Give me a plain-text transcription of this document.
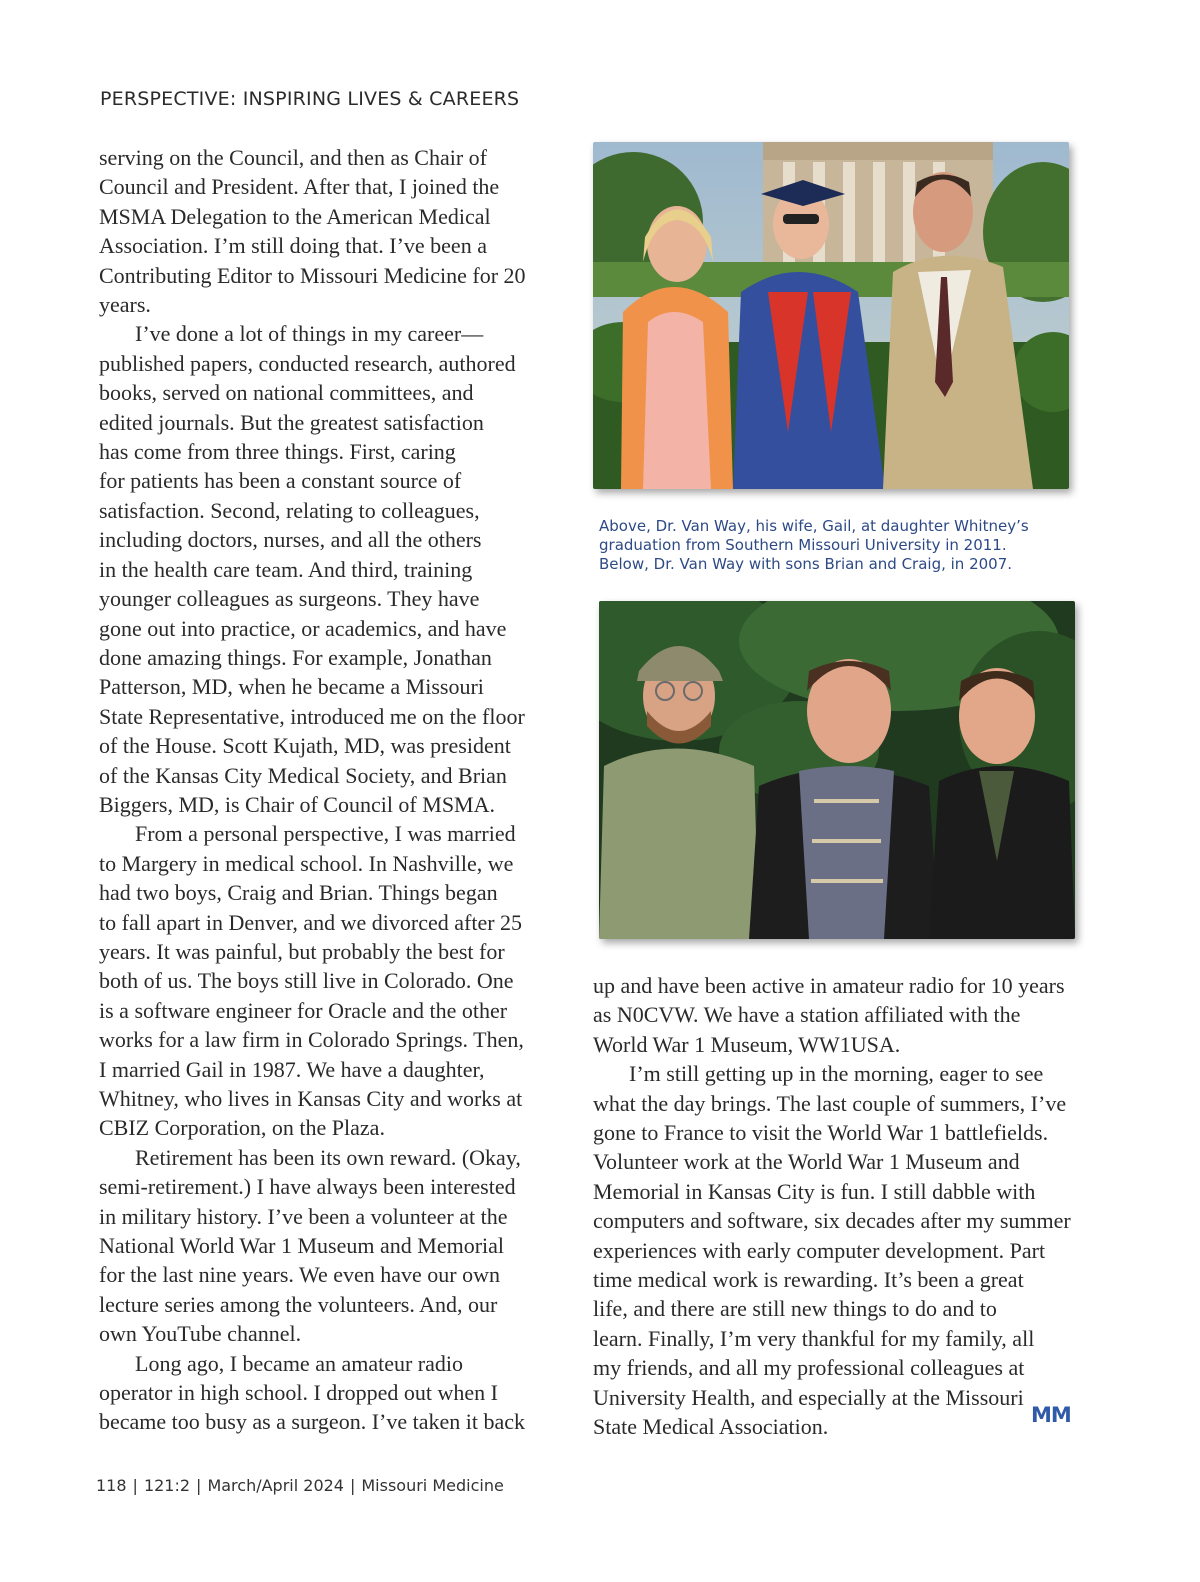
PERSPECTIVE: INSPIRING LIVES & CAREERS

serving on the Council, and then as Chair of
Council and President. After that, I joined the
MSMA Delegation to the American Medical
Association. I’m still doing that. I’ve been a
Contributing Editor to Missouri Medicine for 20
years.

I’ve done a lot of things in my career—

published papers, conducted research, authored
books, served on national committees, and
edited journals. But the greatest satisfaction
has come from three things. First, caring
for patients has been a constant source of
satisfaction. Second, relating to colleagues,
including doctors, nurses, and all the others
in the health care team. And third, training
younger colleagues as surgeons. They have
gone out into practice, or academics, and have
done amazing things. For example, Jonathan
Patterson, MD, when he became a Missouri
State Representative, introduced me on the floor
of the House. Scott Kujath, MD, was president
of the Kansas City Medical Society, and Brian
Biggers, MD, is Chair of Council of MSMA.

From a personal perspective, I was married

to Margery in medical school. In Nashville, we
had two boys, Craig and Brian. Things began
to fall apart in Denver, and we divorced after 25
years. It was painful, but probably the best for
both of us. The boys still live in Colorado. One
is a software engineer for Oracle and the other
works for a law firm in Colorado Springs. Then,
I married Gail in 1987. We have a daughter,
Whitney, who lives in Kansas City and works at
CBIZ Corporation, on the Plaza.

Retirement has been its own reward. (Okay,

semi-retirement.) I have always been interested
in military history. I’ve been a volunteer at the
National World War 1 Museum and Memorial
for the last nine years. We even have our own
lecture series among the volunteers. And, our
own YouTube channel.

Long ago, I became an amateur radio

operator in high school. I dropped out when I
became too busy as a surgeon. I’ve taken it back

Above, Dr. Van Way, his wife, Gail, at daughter Whitney’s
graduation from Southern Missouri University in 2011.
Below, Dr. Van Way with sons Brian and Craig, in 2007.

up and have been active in amateur radio for 10 years
as N0CVW. We have a station affiliated with the
World War 1 Museum, WW1USA.

I’m still getting up in the morning, eager to see

what the day brings. The last couple of summers, I’ve
gone to France to visit the World War 1 battlefields.
Volunteer work at the World War 1 Museum and
Memorial in Kansas City is fun. I still dabble with
computers and software, six decades after my summer
experiences with early computer development. Part
time medical work is rewarding. It’s been a great
life, and there are still new things to do and to
learn. Finally, I’m very thankful for my family, all
my friends, and all my professional colleagues at
University Health, and especially at the Missouri
State Medical Association.	MM
118 | 121:2 | March/April 2024 | Missouri Medicine
